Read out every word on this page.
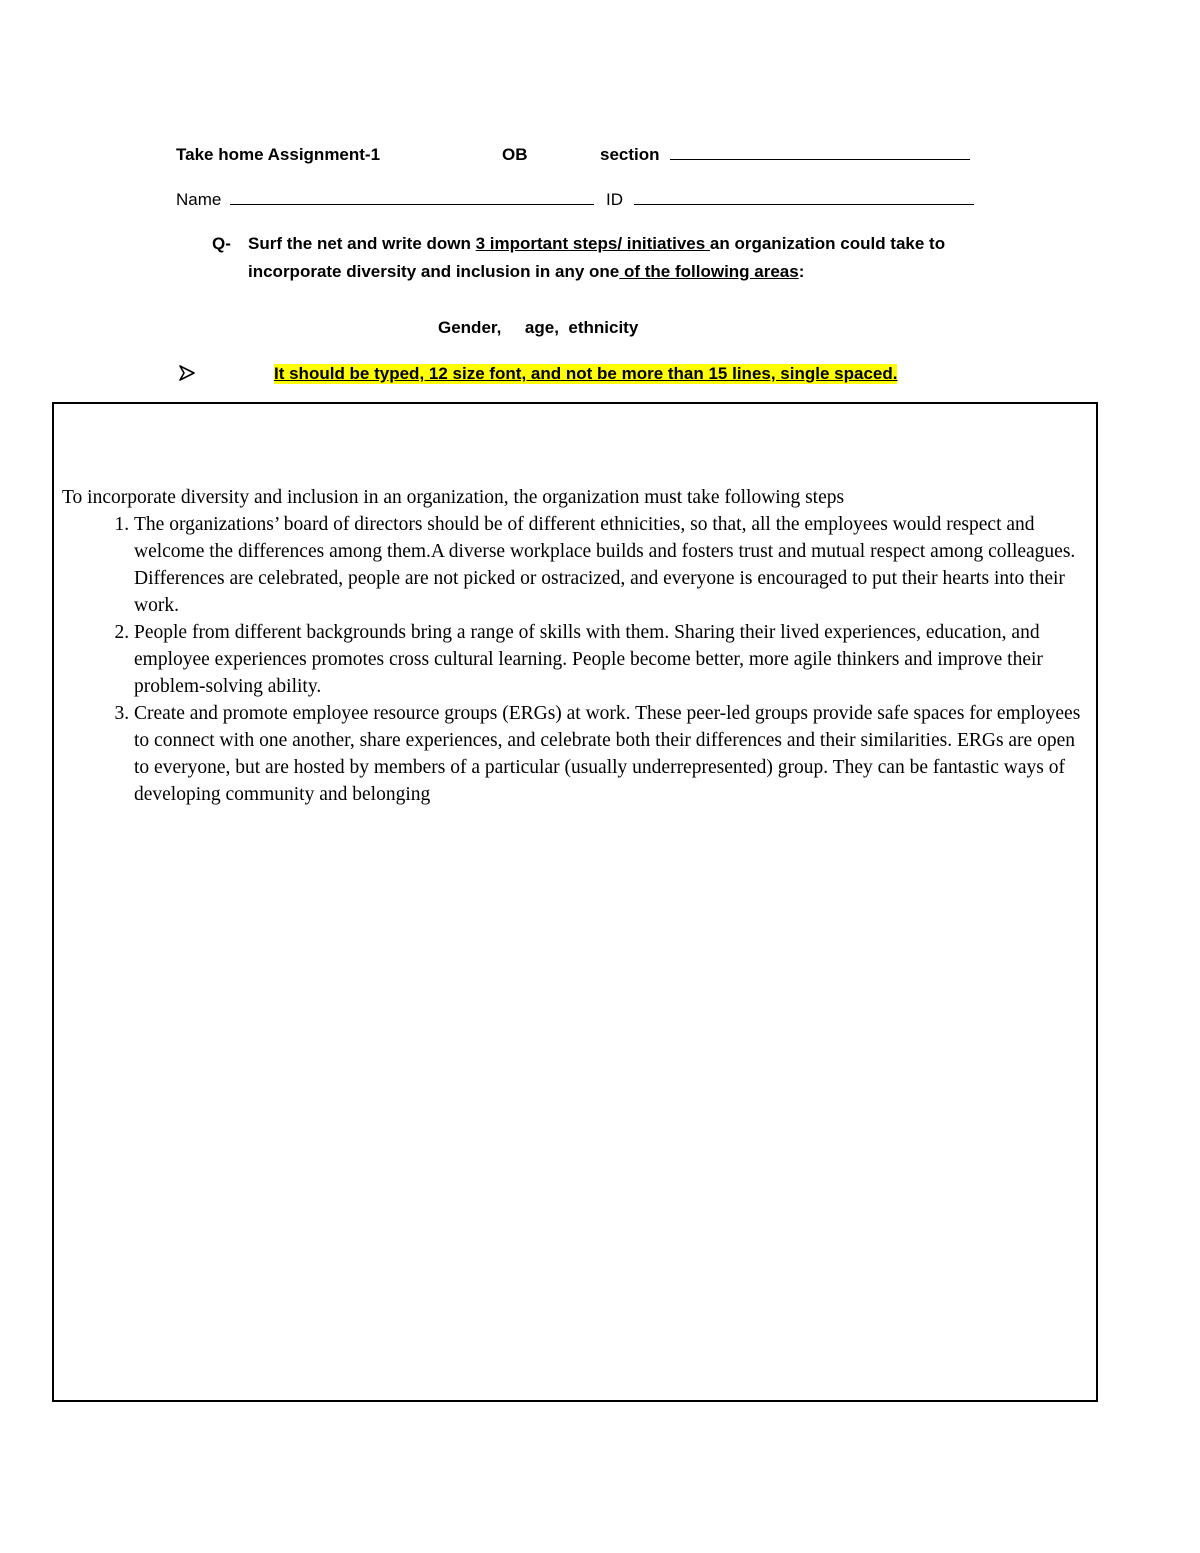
Take home Assignment-1	OB	section
Name	ID
Q- Surf the net and write down 3 important steps/ initiatives an organization could take to
incorporate diversity and inclusion in any one of the following areas:
Gender,     age,  ethnicity
It should be typed, 12 size font, and not be more than 15 lines, single spaced.
To incorporate diversity and inclusion in an organization, the organization must take following steps
1. The organizations’ board of directors should be of different ethnicities, so that, all the employees would respect and welcome the differences among them.A diverse workplace builds and fosters trust and mutual respect among colleagues. Differences are celebrated, people are not picked or ostracized, and everyone is encouraged to put their hearts into their work.
2. People from different backgrounds bring a range of skills with them. Sharing their lived experiences, education, and employee experiences promotes cross cultural learning. People become better, more agile thinkers and improve their problem-solving ability.
3. Create and promote employee resource groups (ERGs) at work. These peer-led groups provide safe spaces for employees to connect with one another, share experiences, and celebrate both their differences and their similarities. ERGs are open to everyone, but are hosted by members of a particular (usually underrepresented) group. They can be fantastic ways of developing community and belonging
